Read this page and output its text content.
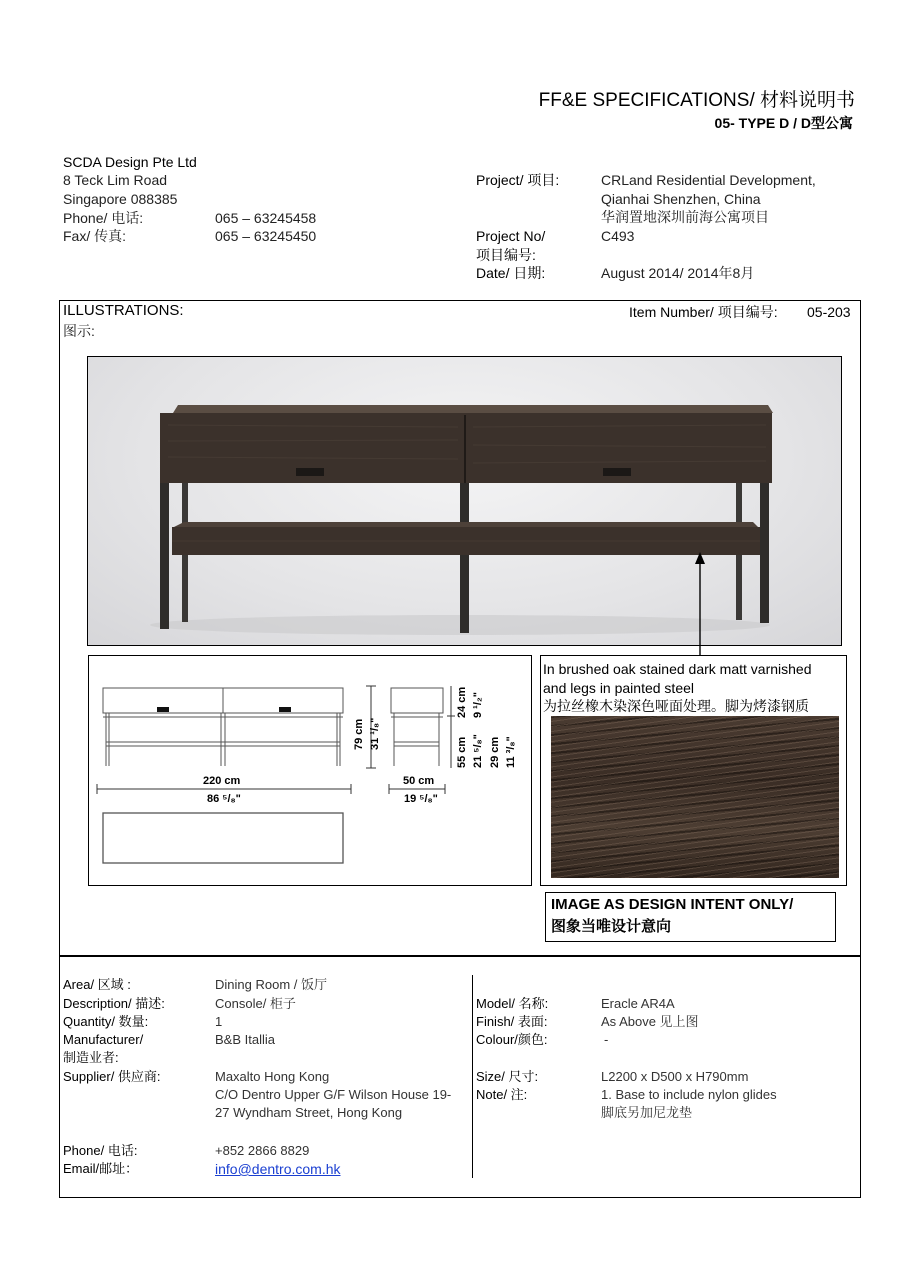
FF&E SPECIFICATIONS/ 材料说明书
05- TYPE D / D型公寓
SCDA Design Pte Ltd
8 Teck Lim Road
Singapore 088385
Phone/ 电话:	065 – 63245458
Fax/ 传真:	065 – 63245450
Project/ 项目:	CRLand Residential Development,
Qianhai Shenzhen, China
华润置地深圳前海公寓项目
Project No/
项目编号:
C493
Date/ 日期:	August 2014/ 2014年8月
ILLUSTRATIONS:
图示:
Item Number/ 项目编号: 05-203
220 cm
86 ⁵/₈"
50 cm
19 ⁵/₈"
79 cm 31 ¹/₈"
24 cm 9 ¹/₂"
55 cm 21 ⁵/₈" 29 cm 11 ³/₈"
In brushed oak stained dark matt varnished
and legs in painted steel
为拉丝橡木染深色哑面处理。脚为烤漆钢质
IMAGE AS DESIGN INTENT ONLY/
图象当唯设计意向
Area/ 区域 :	Dining Room / 饭厅
Description/ 描述:	Console/ 柜子
Quantity/ 数量:	1
Manufacturer/
制造业者:
B&B Itallia
Supplier/ 供应商:	Maxalto Hong Kong
C/O Dentro Upper G/F Wilson House 19-
27 Wyndham Street, Hong Kong
Phone/ 电话:	+852 2866 8829
Email/邮址：	info@dentro.com.hk
Model/ 名称:	Eracle AR4A
Finish/ 表面:	As Above 见上图
Colour/颜色:	-
Size/ 尺寸:	L2200 x D500 x H790mm
Note/ 注:	1. Base to include nylon glides
脚底另加尼龙垫
